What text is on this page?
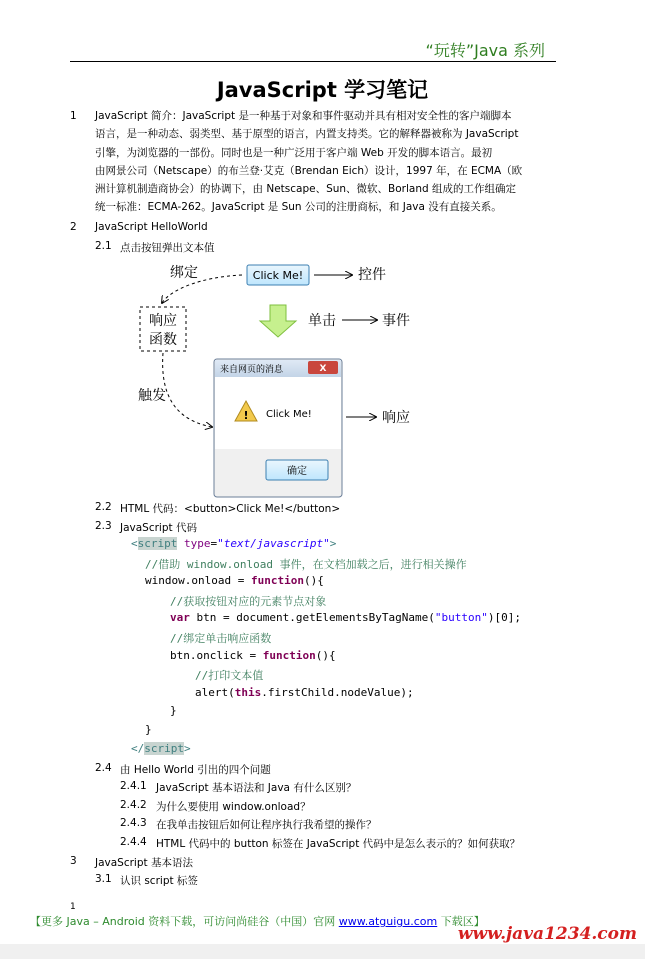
“玩转”Java 系列
JavaScript 学习笔记
1 JavaScript 简介：JavaScript 是一种基于对象和事件驱动并具有相对安全性的客户端脚本
语言，是一种动态、弱类型、基于原型的语言，内置支持类。它的解释器被称为 JavaScript
引擎，为浏览器的一部份。同时也是一种广泛用于客户端 Web 开发的脚本语言。最初
由网景公司（Netscape）的布兰登·艾克（Brendan Eich）设计，1997 年，在 ECMA（欧
洲计算机制造商协会）的协调下，由 Netscape、Sun、微软、Borland 组成的工作组确定
统一标准：ECMA-262。JavaScript 是 Sun 公司的注册商标，和 Java 没有直接关系。
2 JavaScript HelloWorld
2.1 点击按钮弹出文本值
绑定	Click Me!	控件
响应
函数
单击	事件
触发
来自网页的消息	X
! Click Me!
确定
响应
2.2 HTML 代码：<button>Click Me!</button>
2.3 JavaScript 代码
<script type="text/javascript">
//借助 window.onload 事件，在文档加载之后，进行相关操作
window.onload = function(){
//获取按钮对应的元素节点对象
var btn = document.getElementsByTagName("button")[0];
//绑定单击响应函数
btn.onclick = function(){
//打印文本值
alert(this.firstChild.nodeValue);
}
}
</script>
2.4 由 Hello World 引出的四个问题
2.4.1 JavaScript 基本语法和 Java 有什么区别？
2.4.2 为什么要使用 window.onload？
2.4.3 在我单击按钮后如何让程序执行我希望的操作？
2.4.4 HTML 代码中的 button 标签在 JavaScript 代码中是怎么表示的？如何获取？
3 JavaScript 基本语法
3.1 认识 script 标签
1
【更多 Java – Android 资料下载，可访问尚硅谷（中国）官网 www.atguigu.com 下载区】
www.java1234.com
